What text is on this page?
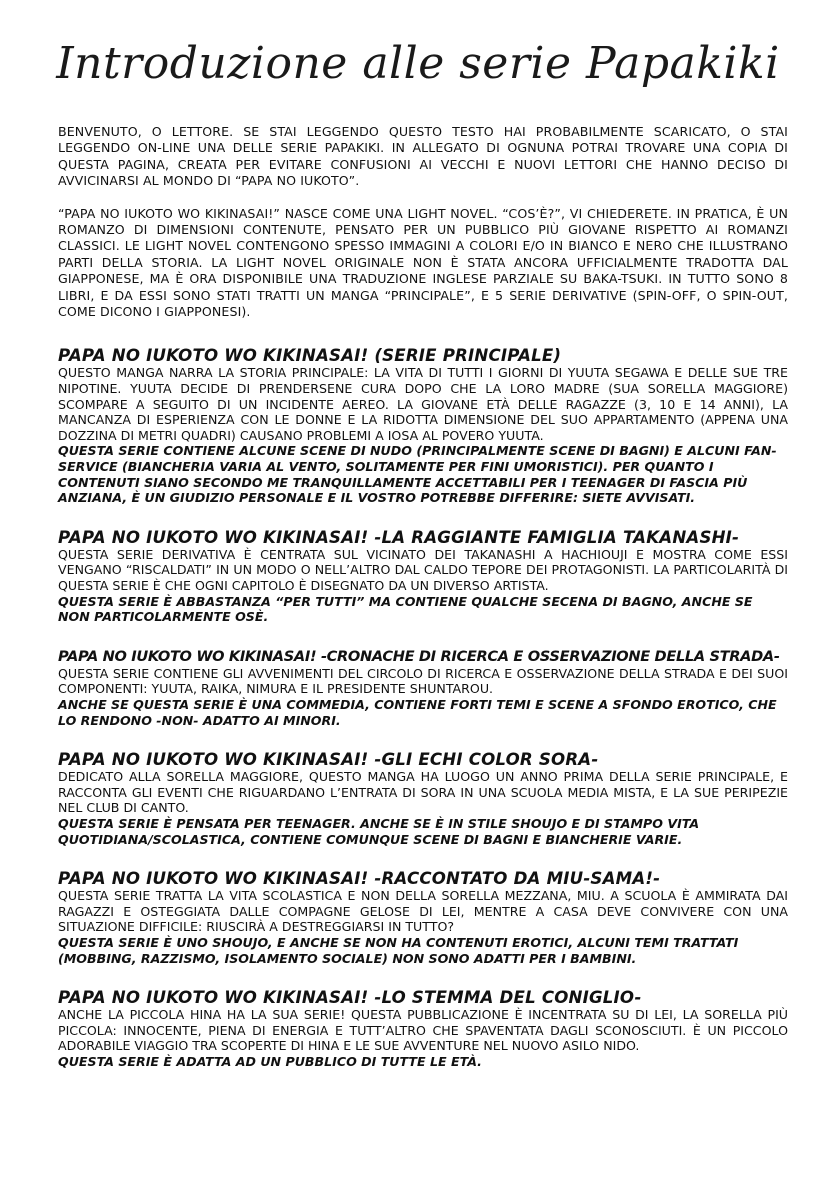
Introduzione alle serie Papakiki

BENVENUTO, O LETTORE. SE STAI LEGGENDO QUESTO TESTO HAI PROBABILMENTE SCARICATO, O STAI LEGGENDO ON-LINE UNA DELLE SERIE PAPAKIKI. IN ALLEGATO DI OGNUNA POTRAI TROVARE UNA COPIA DI QUESTA PAGINA, CREATA PER EVITARE CONFUSIONI AI VECCHI E NUOVI LETTORI CHE HANNO DECISO DI AVVICINARSI AL MONDO DI “PAPA NO IUKOTO”.

“PAPA NO IUKOTO WO KIKINASAI!” NASCE COME UNA LIGHT NOVEL. “COS’È?”, VI CHIEDERETE. IN PRATICA, È UN ROMANZO DI DIMENSIONI CONTENUTE, PENSATO PER UN PUBBLICO PIÙ GIOVANE RISPETTO AI ROMANZI CLASSICI. LE LIGHT NOVEL CONTENGONO SPESSO IMMAGINI A COLORI E/O IN BIANCO E NERO CHE ILLUSTRANO PARTI DELLA STORIA. LA LIGHT NOVEL ORIGINALE NON È STATA ANCORA UFFICIALMENTE TRADOTTA DAL GIAPPONESE, MA È ORA DISPONIBILE UNA TRADUZIONE INGLESE PARZIALE SU BAKA-TSUKI. IN TUTTO SONO 8 LIBRI, E DA ESSI SONO STATI TRATTI UN MANGA “PRINCIPALE”, E 5 SERIE DERIVATIVE (SPIN-OFF, O SPIN-OUT, COME DICONO I GIAPPONESI).

PAPA NO IUKOTO WO KIKINASAI! (SERIE PRINCIPALE)

QUESTO MANGA NARRA LA STORIA PRINCIPALE: LA VITA DI TUTTI I GIORNI DI YUUTA SEGAWA E DELLE SUE TRE NIPOTINE. YUUTA DECIDE DI PRENDERSENE CURA DOPO CHE LA LORO MADRE (SUA SORELLA MAGGIORE) SCOMPARE A SEGUITO DI UN INCIDENTE AEREO. LA GIOVANE ETÀ DELLE RAGAZZE (3, 10 E 14 ANNI), LA MANCANZA DI ESPERIENZA CON LE DONNE E LA RIDOTTA DIMENSIONE DEL SUO APPARTAMENTO (APPENA UNA DOZZINA DI METRI QUADRI) CAUSANO PROBLEMI A IOSA AL POVERO YUUTA.

QUESTA SERIE CONTIENE ALCUNE SCENE DI NUDO (PRINCIPALMENTE SCENE DI BAGNI) E ALCUNI FAN-SERVICE (BIANCHERIA VARIA AL VENTO, SOLITAMENTE PER FINI UMORISTICI). PER QUANTO I CONTENUTI SIANO SECONDO ME TRANQUILLAMENTE ACCETTABILI PER I TEENAGER DI FASCIA PIÙ ANZIANA, È UN GIUDIZIO PERSONALE E IL VOSTRO POTREBBE DIFFERIRE: SIETE AVVISATI.

PAPA NO IUKOTO WO KIKINASAI! -LA RAGGIANTE FAMIGLIA TAKANASHI-

QUESTA SERIE DERIVATIVA È CENTRATA SUL VICINATO DEI TAKANASHI A HACHIOUJI E MOSTRA COME ESSI VENGANO “RISCALDATI” IN UN MODO O NELL’ALTRO DAL CALDO TEPORE DEI PROTAGONISTI. LA PARTICOLARITÀ DI QUESTA SERIE È CHE OGNI CAPITOLO È DISEGNATO DA UN DIVERSO ARTISTA.

QUESTA SERIE È ABBASTANZA “PER TUTTI” MA CONTIENE QUALCHE SECENA DI BAGNO, ANCHE SE NON PARTICOLARMENTE OSÈ.

PAPA NO IUKOTO WO KIKINASAI! -CRONACHE DI RICERCA E OSSERVAZIONE DELLA STRADA-

QUESTA SERIE CONTIENE GLI AVVENIMENTI DEL CIRCOLO DI RICERCA E OSSERVAZIONE DELLA STRADA E DEI SUOI COMPONENTI: YUUTA, RAIKA, NIMURA E IL PRESIDENTE SHUNTAROU.

ANCHE SE QUESTA SERIE È UNA COMMEDIA, CONTIENE FORTI TEMI E SCENE A SFONDO EROTICO, CHE LO RENDONO -NON- ADATTO AI MINORI.

PAPA NO IUKOTO WO KIKINASAI! -GLI ECHI COLOR SORA-

DEDICATO ALLA SORELLA MAGGIORE, QUESTO MANGA HA LUOGO UN ANNO PRIMA DELLA SERIE PRINCIPALE, E RACCONTA GLI EVENTI CHE RIGUARDANO L’ENTRATA DI SORA IN UNA SCUOLA MEDIA MISTA, E LA SUE PERIPEZIE NEL CLUB DI CANTO.

QUESTA SERIE È PENSATA PER TEENAGER. ANCHE SE È IN STILE SHOUJO E DI STAMPO VITA QUOTIDIANA/SCOLASTICA, CONTIENE COMUNQUE SCENE DI BAGNI E BIANCHERIE VARIE.

PAPA NO IUKOTO WO KIKINASAI! -RACCONTATO DA MIU-SAMA!-

QUESTA SERIE TRATTA LA VITA SCOLASTICA E NON DELLA SORELLA MEZZANA, MIU. A SCUOLA È AMMIRATA DAI RAGAZZI E OSTEGGIATA DALLE COMPAGNE GELOSE DI LEI, MENTRE A CASA DEVE CONVIVERE CON UNA SITUAZIONE DIFFICILE: RIUSCIRÀ A DESTREGGIARSI IN TUTTO?

QUESTA SERIE È UNO SHOUJO, E ANCHE SE NON HA CONTENUTI EROTICI, ALCUNI TEMI TRATTATI (MOBBING, RAZZISMO, ISOLAMENTO SOCIALE) NON SONO ADATTI PER I BAMBINI.

PAPA NO IUKOTO WO KIKINASAI! -LO STEMMA DEL CONIGLIO-

ANCHE LA PICCOLA HINA HA LA SUA SERIE! QUESTA PUBBLICAZIONE È INCENTRATA SU DI LEI, LA SORELLA PIÙ PICCOLA: INNOCENTE, PIENA DI ENERGIA E TUTT’ALTRO CHE SPAVENTATA DAGLI SCONOSCIUTI. È UN PICCOLO ADORABILE VIAGGIO TRA SCOPERTE DI HINA E LE SUE AVVENTURE NEL NUOVO ASILO NIDO.

QUESTA SERIE È ADATTA AD UN PUBBLICO DI TUTTE LE ETÀ.
